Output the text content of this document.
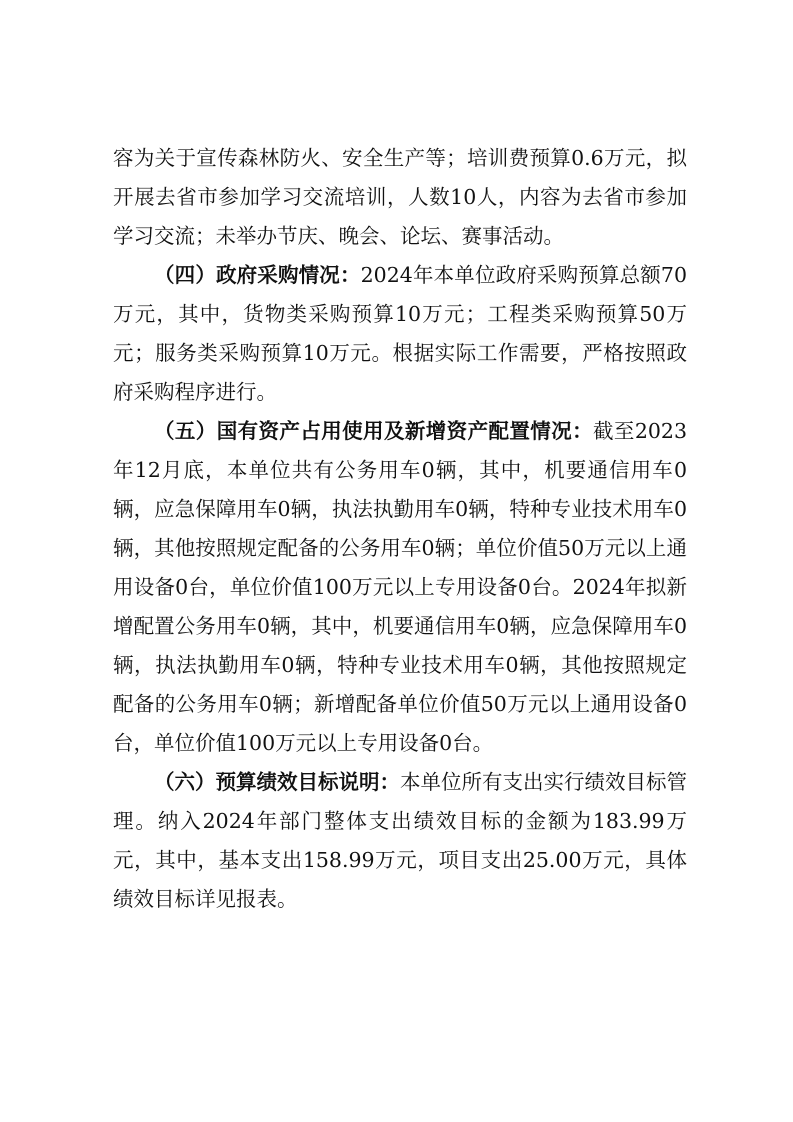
容为关于宣传森林防火、安全生产等；培训费预算0.6万元，拟开展去省市参加学习交流培训，人数10人，内容为去省市参加学习交流；未举办节庆、晚会、论坛、赛事活动。

（四）政府采购情况：2024年本单位政府采购预算总额70万元，其中，货物类采购预算10万元；工程类采购预算50万元；服务类采购预算10万元。根据实际工作需要，严格按照政府采购程序进行。

（五）国有资产占用使用及新增资产配置情况：截至2023年12月底，本单位共有公务用车0辆，其中，机要通信用车0辆，应急保障用车0辆，执法执勤用车0辆，特种专业技术用车0辆，其他按照规定配备的公务用车0辆；单位价值50万元以上通用设备0台，单位价值100万元以上专用设备0台。2024年拟新增配置公务用车0辆，其中，机要通信用车0辆，应急保障用车0辆，执法执勤用车0辆，特种专业技术用车0辆，其他按照规定配备的公务用车0辆；新增配备单位价值50万元以上通用设备0台，单位价值100万元以上专用设备0台。

（六）预算绩效目标说明：本单位所有支出实行绩效目标管理。纳入2024年部门整体支出绩效目标的金额为183.99万元，其中，基本支出158.99万元，项目支出25.00万元，具体绩效目标详见报表。
